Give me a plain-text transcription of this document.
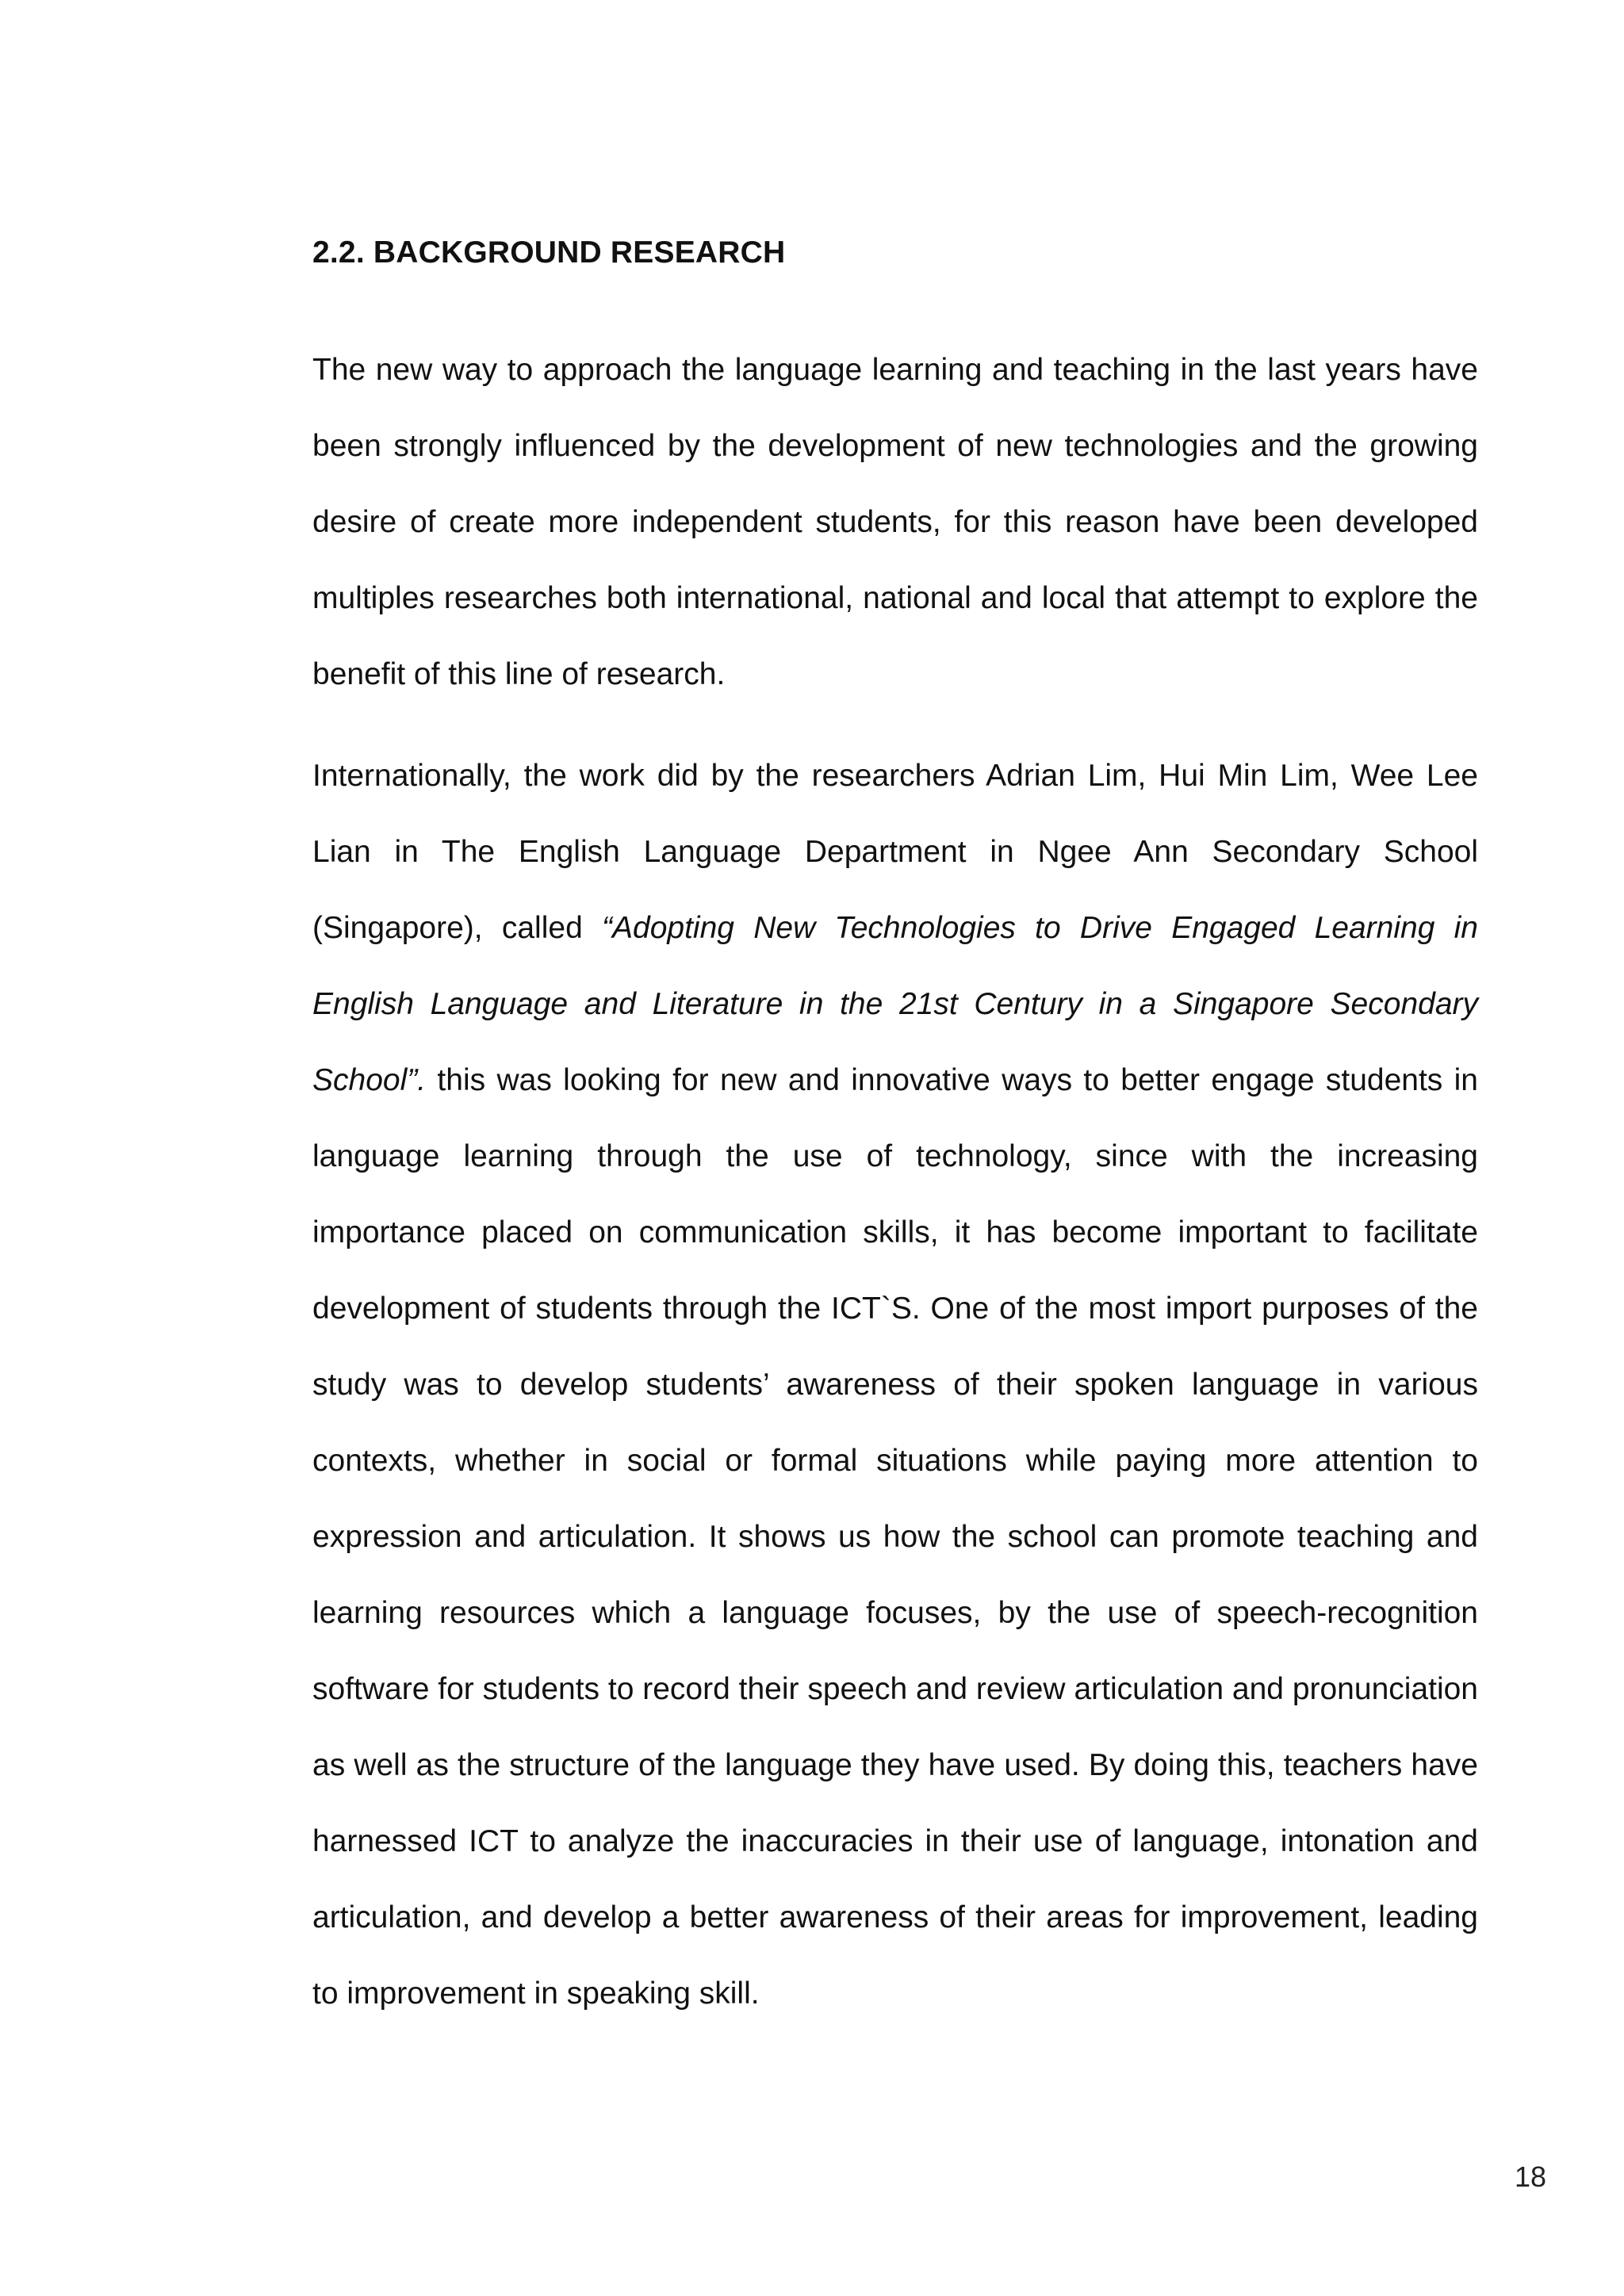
2.2. BACKGROUND RESEARCH

The new way to approach the language learning and teaching in the last years have been strongly influenced by the development of new technologies and the growing desire of create more independent students, for this reason have been developed multiples researches both international, national and local that attempt to explore the benefit of this line of research.

Internationally, the work did by the researchers Adrian Lim, Hui Min Lim, Wee Lee Lian in The English Language Department in Ngee Ann Secondary School (Singapore), called “Adopting New Technologies to Drive Engaged Learning in English Language and Literature in the 21st Century in a Singapore Secondary School”. this was looking for new and innovative ways to better engage students in language learning through the use of technology, since with the increasing importance placed on communication skills, it has become important to facilitate development of students through the ICT`S. One of the most import purposes of the study was to develop students’ awareness of their spoken language in various contexts, whether in social or formal situations while paying more attention to expression and articulation. It shows us how the school can promote teaching and learning resources which a language focuses, by the use of speech-recognition software for students to record their speech and review articulation and pronunciation as well as the structure of the language they have used. By doing this, teachers have harnessed ICT to analyze the inaccuracies in their use of language, intonation and articulation, and develop a better awareness of their areas for improvement, leading to improvement in speaking skill.

18
